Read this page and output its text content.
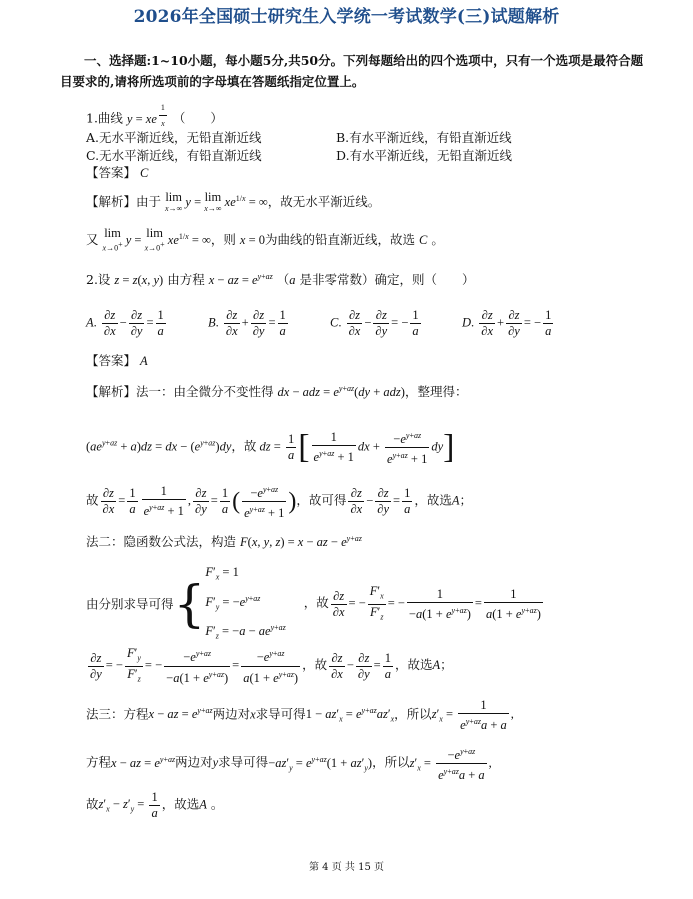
2026年全国硕士研究生入学统一考试数学(三)试题解析
一、选择题:1~10小题，每小题5分,共50分。下列每题给出的四个选项中，只有一个选项是最符合题目要求的,请将所选项前的字母填在答题纸指定位置上。
1.曲线 y = xe $^{\frac{1}{x}}$ （　　）
A.无水平渐近线，无铅直渐近线	B.有水平渐近线，有铅直渐近线
C.无水平渐近线，有铅直渐近线	D.有水平渐近线，无铅直渐近线
【答案】 C
【解析】由于 lim
x→∞ y = lim
x→∞ $xe^{1/x}$ = ∞，故无水平渐近线。
又 lim
x→0+ y = lim
x→0+ $xe^{1/x}$ = ∞，则 x = 0为曲线的铅直渐近线，故选 C 。
2.设 z = z(x, y) 由方程 x − az = $e^{y+az}$ （a 是非零常数）确定，则（　　）
A. $\frac{\partial z}{\partial x} - \frac{\partial z}{\partial y} = \frac{1}{a}$	B. $\frac{\partial z}{\partial x} + \frac{\partial z}{\partial y} = \frac{1}{a}$	C. $\frac{\partial z}{\partial x} - \frac{\partial z}{\partial y}$ = − $\frac{1}{a}$	D. $\frac{\partial z}{\partial x} + \frac{\partial z}{\partial y}$ = − $\frac{1}{a}$
【答案】 A
【解析】法一：由全微分不变性得 dx − adz = $e^{y+az}(dy + adz)$，整理得：
$(ae^{y+az} + a)dz$ = dx − $(e^{y+az})dy$，故 dz = $\frac{1}{a}$ [ $\frac{1}{e^{y+az} + 1}$ dx + $\frac{-e^{y+az}}{e^{y+az} + 1} dy$]
故 $\frac{\partial z}{\partial x} = \frac{1}{a} \frac{1}{e^{y+az} + 1}$ , $\frac{\partial z}{\partial y} = \frac{1}{a}$ ( $\frac{-e^{y+az}}{e^{y+az} + 1}$ )，故可得 $\frac{\partial z}{\partial x} - \frac{\partial z}{\partial y} = \frac{1}{a}$ ，故选A；
法二：隐函数公式法，构造 F(x, y, z) = x − az − $e^{y+az}$
由分别求导可得{
$F'_x = 1$
$F'_y = -e^{y+az}$
$F'_z = -a - ae^{y+az}$
，故 $\frac{\partial z}{\partial x}$ = − $\frac{F'_x}{F'_z}$ = − $\frac{1}{-a(1 + e^{y+az})} = \frac{1}{a(1 + e^{y+az})}$
$\frac{\partial z}{\partial y}$ = − $\frac{F'_y}{F'_z}$ = − $\frac{-e^{y+az}}{-a(1 + e^{y+az})} = \frac{-e^{y+az}}{a(1 + e^{y+az})}$ ，故 $\frac{\partial z}{\partial x} - \frac{\partial z}{\partial y} = \frac{1}{a}$ ，故选A；
法三：方程x − az = $e^{y+az}$两边对x求导可得$1 - az'_x = e^{y+az}az'_x$，所以$z'_x = \frac{1}{e^{y+az}a + a}$ ,
方程x − az = $e^{y+az}$两边对y求导可得$-az'_y = e^{y+az}(1 + az'_y)$，所以$z'_x = \frac{-e^{y+az}}{e^{y+az}a + a}$ ,
故$z'_x - z'_y = \frac{1}{a}$ ，故选A 。
第 4 页 共 15 页
